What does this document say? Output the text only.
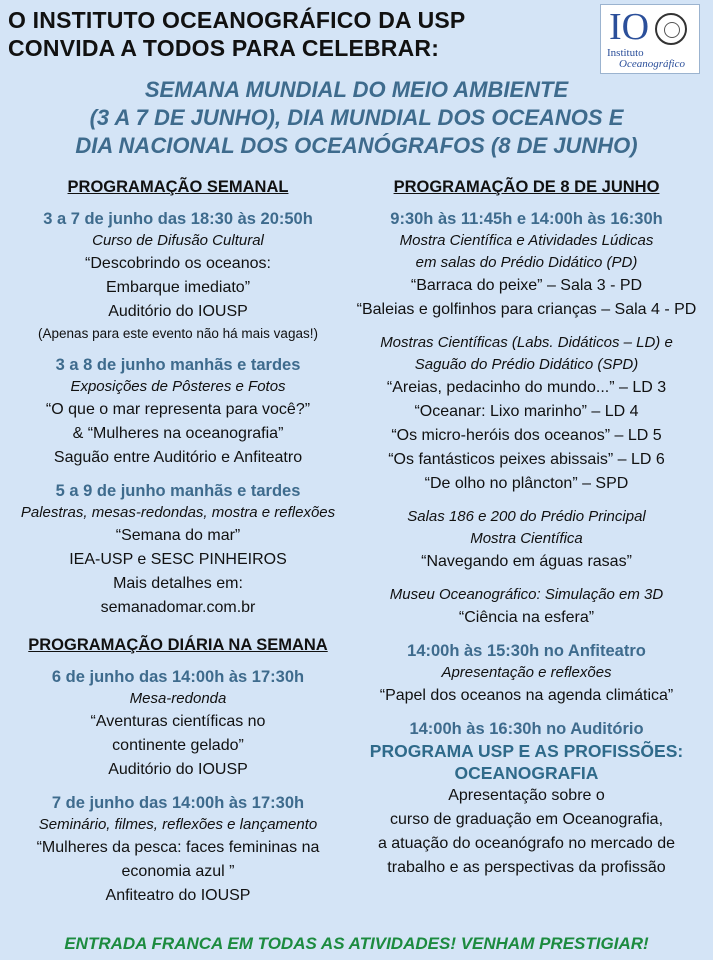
O INSTITUTO OCEANOGRÁFICO DA USP
CONVIDA A TODOS PARA CELEBRAR:	IO
Instituto
Oceanográfico
SEMANA MUNDIAL DO MEIO AMBIENTE
(3 A 7 DE JUNHO), DIA MUNDIAL DOS OCEANOS E
DIA NACIONAL DOS OCEANÓGRAFOS (8 DE JUNHO)
PROGRAMAÇÃO SEMANAL
3 a 7 de junho das 18:30 às 20:50h
Curso de Difusão Cultural
“Descobrindo os oceanos:
Embarque imediato”
Auditório do IOUSP
(Apenas para este evento não há mais vagas!)
3 a 8 de junho manhãs e tardes
Exposições de Pôsteres e Fotos
“O que o mar representa para você?”
& “Mulheres na oceanografia”
Saguão entre Auditório e Anfiteatro
5 a 9 de junho manhãs e tardes
Palestras, mesas-redondas, mostra e reflexões
“Semana do mar”
IEA-USP e SESC PINHEIROS
Mais detalhes em:
semanadomar.com.br
PROGRAMAÇÃO DIÁRIA NA SEMANA
6 de junho das 14:00h às 17:30h
Mesa-redonda
“Aventuras científicas no
continente gelado”
Auditório do IOUSP
7 de junho das 14:00h às 17:30h
Seminário, filmes, reflexões e lançamento
“Mulheres da pesca: faces femininas na
economia azul ”
Anfiteatro do IOUSP
PROGRAMAÇÃO DE 8 DE JUNHO
9:30h às 11:45h e 14:00h às 16:30h
Mostra Científica e Atividades Lúdicas
em salas do Prédio Didático (PD)
“Barraca do peixe” – Sala 3 - PD
“Baleias e golfinhos para crianças – Sala 4 - PD
Mostras Científicas (Labs. Didáticos – LD) e
Saguão do Prédio Didático (SPD)
“Areias, pedacinho do mundo...” – LD 3
“Oceanar: Lixo marinho” – LD 4
“Os micro-heróis dos oceanos” – LD 5
“Os fantásticos peixes abissais” – LD 6
“De olho no plâncton” – SPD
Salas 186 e 200 do Prédio Principal
Mostra Científica
“Navegando em águas rasas”
Museu Oceanográfico: Simulação em 3D
“Ciência na esfera”
14:00h às 15:30h no Anfiteatro
Apresentação e reflexões
“Papel dos oceanos na agenda climática”
14:00h às 16:30h no Auditório
PROGRAMA USP E AS PROFISSÕES:
OCEANOGRAFIA
Apresentação sobre o
curso de graduação em Oceanografia,
a atuação do oceanógrafo no mercado de
trabalho e as perspectivas da profissão
ENTRADA FRANCA EM TODAS AS ATIVIDADES! VENHAM PRESTIGIAR!
